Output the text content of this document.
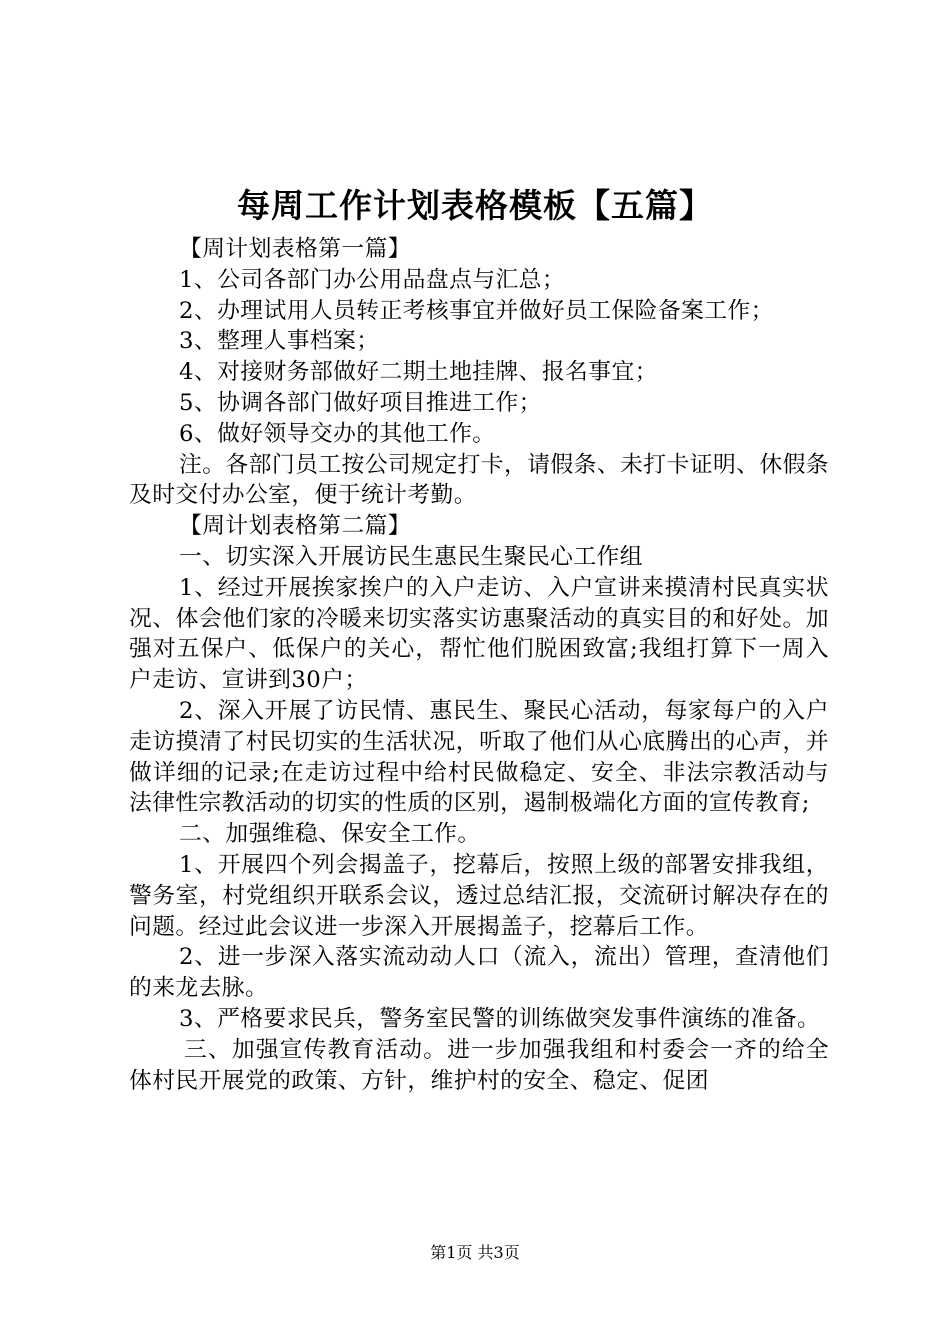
每周工作计划表格模板【五篇】

【周计划表格第一篇】

1、公司各部门办公用品盘点与汇总；

2、办理试用人员转正考核事宜并做好员工保险备案工作；

3、整理人事档案；

4、对接财务部做好二期土地挂牌、报名事宜；

5、协调各部门做好项目推进工作；

6、做好领导交办的其他工作。

注。各部门员工按公司规定打卡，请假条、未打卡证明、休假条及时交付办公室，便于统计考勤。

【周计划表格第二篇】

一、切实深入开展访民生惠民生聚民心工作组

1、经过开展挨家挨户的入户走访、入户宣讲来摸清村民真实状况、体会他们家的冷暖来切实落实访惠聚活动的真实目的和好处。加强对五保户、低保户的关心，帮忙他们脱困致富;我组打算下一周入户走访、宣讲到30户；

2、深入开展了访民情、惠民生、聚民心活动，每家每户的入户走访摸清了村民切实的生活状况，听取了他们从心底腾出的心声，并做详细的记录;在走访过程中给村民做稳定、安全、非法宗教活动与法律性宗教活动的切实的性质的区别，遏制极端化方面的宣传教育;

二、加强维稳、保安全工作。

1、开展四个列会揭盖子，挖幕后，按照上级的部署安排我组，警务室，村党组织开联系会议，透过总结汇报，交流研讨解决存在的问题。经过此会议进一步深入开展揭盖子，挖幕后工作。

2、进一步深入落实流动动人口（流入，流出）管理，查清他们的来龙去脉。

3、严格要求民兵，警务室民警的训练做突发事件演练的准备。

三、加强宣传教育活动。进一步加强我组和村委会一齐的给全体村民开展党的政策、方针，维护村的安全、稳定、促团

第1页 共3页
